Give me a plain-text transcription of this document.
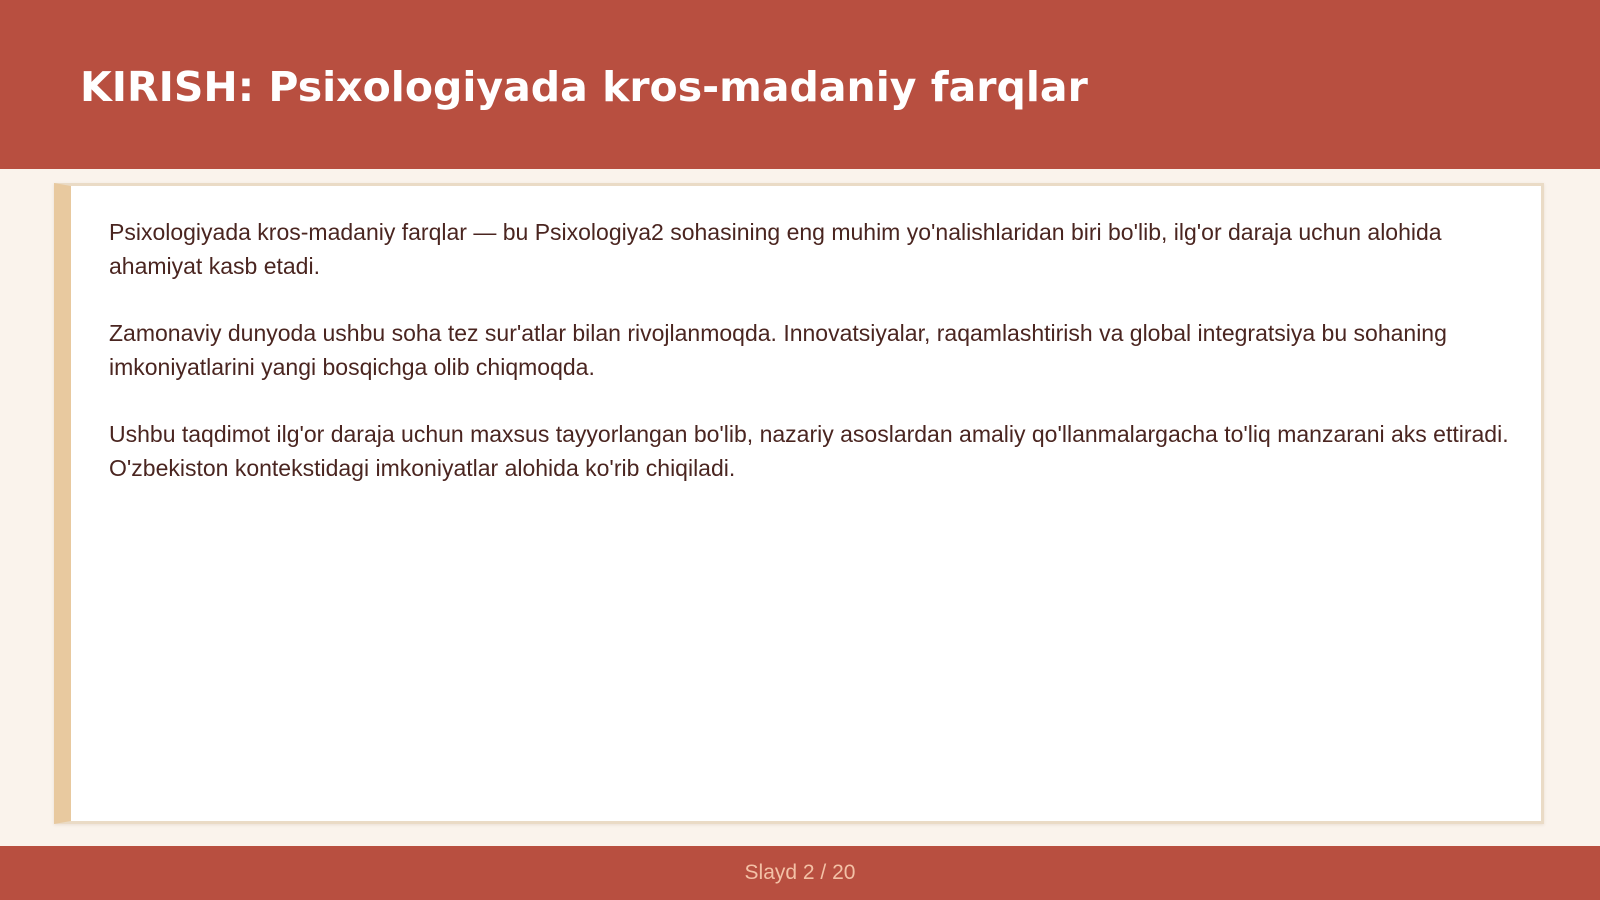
KIRISH: Psixologiyada kros-madaniy farqlar

Psixologiyada kros-madaniy farqlar — bu Psixologiya2 sohasining eng muhim yo'nalishlaridan biri bo'lib, ilg'or daraja uchun alohida ahamiyat kasb etadi.

Zamonaviy dunyoda ushbu soha tez sur'atlar bilan rivojlanmoqda. Innovatsiyalar, raqamlashtirish va global integratsiya bu sohaning imkoniyatlarini yangi bosqichga olib chiqmoqda.

Ushbu taqdimot ilg'or daraja uchun maxsus tayyorlangan bo'lib, nazariy asoslardan amaliy qo'llanmalargacha to'liq manzarani aks ettiradi. O'zbekiston kontekstidagi imkoniyatlar alohida ko'rib chiqiladi.

Slayd 2 / 20
